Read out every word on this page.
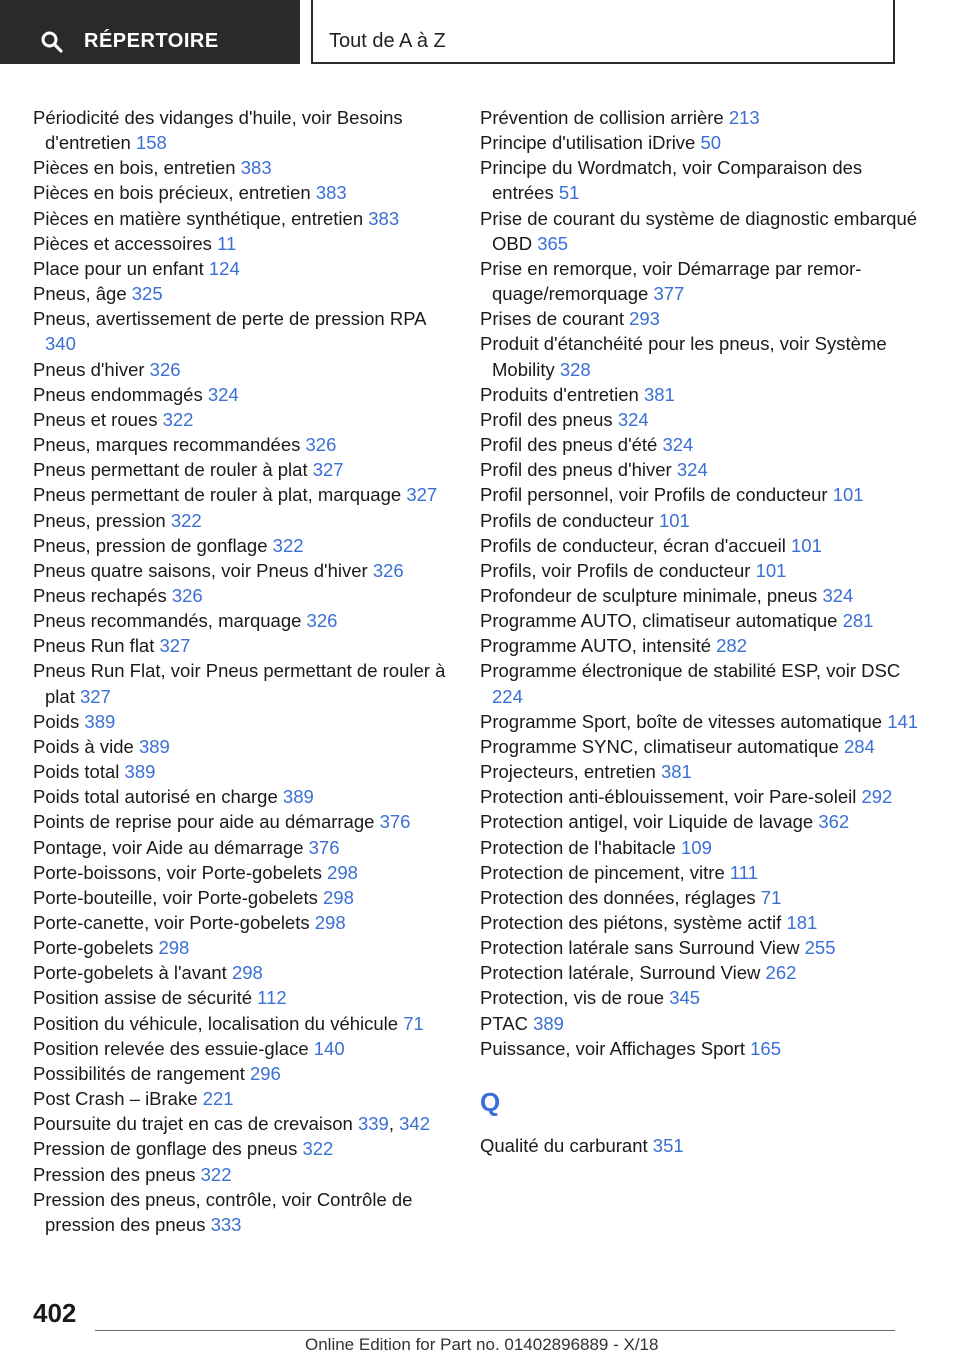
RÉPERTOIRE	Tout de A à Z

Périodicité des vidanges d'huile, voir Besoins d'entretien 158

Pièces en bois, entretien 383

Pièces en bois précieux, entretien 383

Pièces en matière synthétique, entretien 383

Pièces et accessoires 11

Place pour un enfant 124

Pneus, âge 325

Pneus, avertissement de perte de pression RPA 340

Pneus d'hiver 326

Pneus endommagés 324

Pneus et roues 322

Pneus, marques recommandées 326

Pneus permettant de rouler à plat 327

Pneus permettant de rouler à plat, marquage 327

Pneus, pression 322

Pneus, pression de gonflage 322

Pneus quatre saisons, voir Pneus d'hiver 326

Pneus rechapés 326

Pneus recommandés, marquage 326

Pneus Run flat 327

Pneus Run Flat, voir Pneus permettant de rouler à plat 327

Poids 389

Poids à vide 389

Poids total 389

Poids total autorisé en charge 389

Points de reprise pour aide au démarrage 376

Pontage, voir Aide au démarrage 376

Porte-boissons, voir Porte-gobelets 298

Porte-bouteille, voir Porte-gobelets 298

Porte-canette, voir Porte-gobelets 298

Porte-gobelets 298

Porte-gobelets à l'avant 298

Position assise de sécurité 112

Position du véhicule, localisation du véhicule 71

Position relevée des essuie-glace 140

Possibilités de rangement 296

Post Crash – iBrake 221

Poursuite du trajet en cas de crevaison 339, 342

Pression de gonflage des pneus 322

Pression des pneus 322

Pression des pneus, contrôle, voir Contrôle de pression des pneus 333

Prévention de collision arrière 213

Principe d'utilisation iDrive 50

Principe du Wordmatch, voir Comparaison des entrées 51

Prise de courant du système de diagnostic embarqué OBD 365

Prise en remorque, voir Démarrage par remorquage/remorquage 377

Prises de courant 293

Produit d'étanchéité pour les pneus, voir Système Mobility 328

Produits d'entretien 381

Profil des pneus 324

Profil des pneus d'été 324

Profil des pneus d'hiver 324

Profil personnel, voir Profils de conducteur 101

Profils de conducteur 101

Profils de conducteur, écran d'accueil 101

Profils, voir Profils de conducteur 101

Profondeur de sculpture minimale, pneus 324

Programme AUTO, climatiseur automatique 281

Programme AUTO, intensité 282

Programme électronique de stabilité ESP, voir DSC 224

Programme Sport, boîte de vitesses automatique 141

Programme SYNC, climatiseur automatique 284

Projecteurs, entretien 381

Protection anti-éblouissement, voir Pare-soleil 292

Protection antigel, voir Liquide de lavage 362

Protection de l'habitacle 109

Protection de pincement, vitre 111

Protection des données, réglages 71

Protection des piétons, système actif 181

Protection latérale sans Surround View 255

Protection latérale, Surround View 262

Protection, vis de roue 345

PTAC 389

Puissance, voir Affichages Sport 165

Q

Qualité du carburant 351

402
Online Edition for Part no. 01402896889 - X/18
